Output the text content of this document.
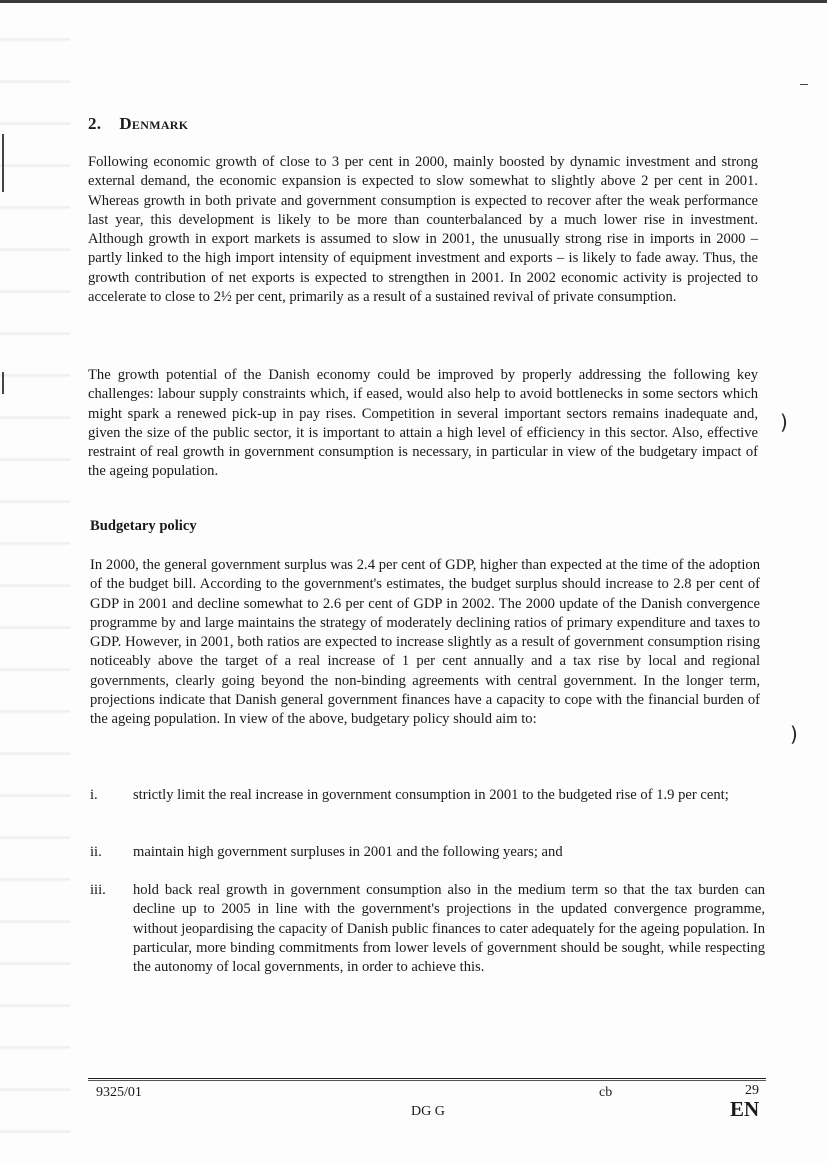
2. Denmark

Following economic growth of close to 3 per cent in 2000, mainly boosted by dynamic investment and strong external demand, the economic expansion is expected to slow somewhat to slightly above 2 per cent in 2001. Whereas growth in both private and government consumption is expected to recover after the weak performance last year, this development is likely to be more than counterbalanced by a much lower rise in investment. Although growth in export markets is assumed to slow in 2001, the unusually strong rise in imports in 2000 – partly linked to the high import intensity of equipment investment and exports – is likely to fade away. Thus, the growth contribution of net exports is expected to strengthen in 2001. In 2002 economic activity is projected to accelerate to close to 2½ per cent, primarily as a result of a sustained revival of private consumption.

The growth potential of the Danish economy could be improved by properly addressing the following key challenges: labour supply constraints which, if eased, would also help to avoid bottlenecks in some sectors which might spark a renewed pick-up in pay rises. Competition in several important sectors remains inadequate and, given the size of the public sector, it is important to attain a high level of efficiency in this sector. Also, effective restraint of real growth in government consumption is necessary, in particular in view of the budgetary impact of the ageing population.

Budgetary policy

In 2000, the general government surplus was 2.4 per cent of GDP, higher than expected at the time of the adoption of the budget bill. According to the government's estimates, the budget surplus should increase to 2.8 per cent of GDP in 2001 and decline somewhat to 2.6 per cent of GDP in 2002. The 2000 update of the Danish convergence programme by and large maintains the strategy of moderately declining ratios of primary expenditure and taxes to GDP. However, in 2001, both ratios are expected to increase slightly as a result of government consumption rising noticeably above the target of a real increase of 1 per cent annually and a tax rise by local and regional governments, clearly going beyond the non-binding agreements with central government. In the longer term, projections indicate that Danish general government finances have a capacity to cope with the financial burden of the ageing population. In view of the above, budgetary policy should aim to:

i. strictly limit the real increase in government consumption in 2001 to the budgeted rise of 1.9 per cent;
ii. maintain high government surpluses in 2001 and the following years; and
iii. hold back real growth in government consumption also in the medium term so that the tax burden can decline up to 2005 in line with the government's projections in the updated convergence programme, without jeopardising the capacity of Danish public finances to cater adequately for the ageing population. In particular, more binding commitments from lower levels of government should be sought, while respecting the autonomy of local governments, in order to achieve this.
)
)
9325/01	cb	29
DG G	EN
